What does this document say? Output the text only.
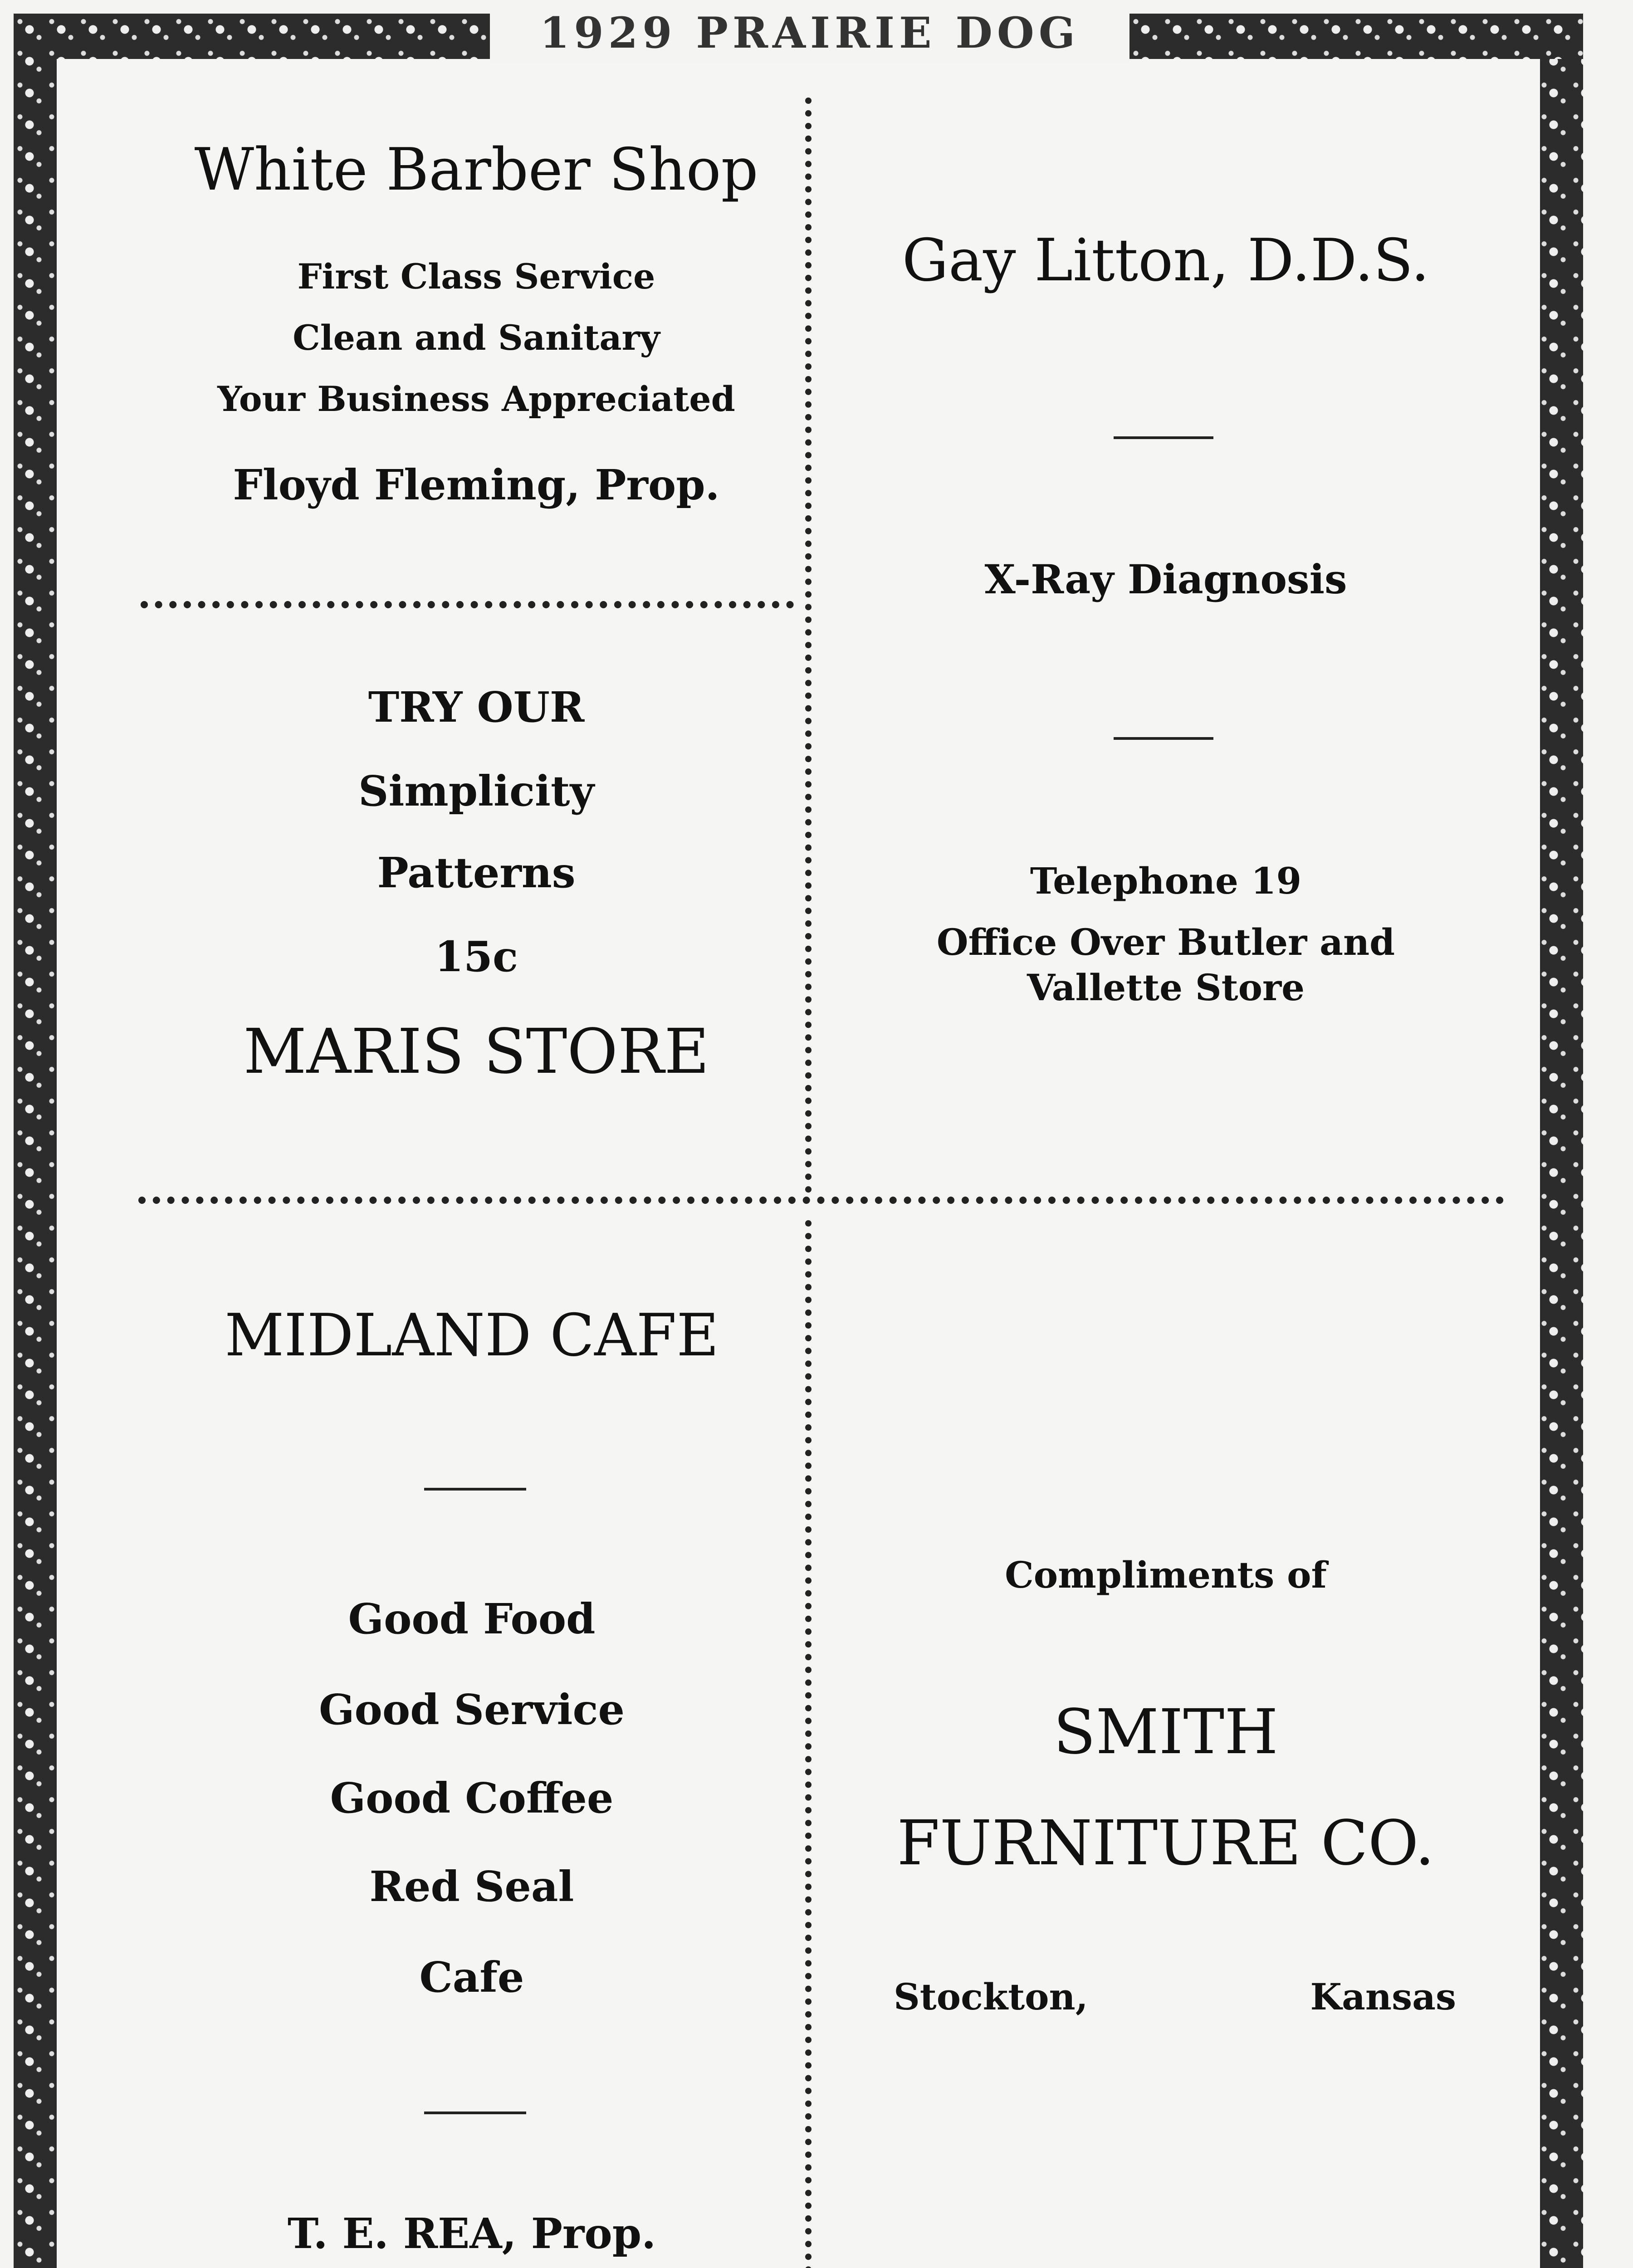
1929 PRAIRIE DOG
White Barber Shop
First Class Service
Clean and Sanitary
Your Business Appreciated
Floyd Fleming, Prop.
TRY OUR
Simplicity
Patterns
15c
MARIS STORE
Gay Litton, D.D.S.
X-Ray Diagnosis
Telephone 19
Office Over Butler and
Vallette Store
MIDLAND CAFE
Good Food
Good Service
Good Coffee
Red Seal
Cafe
T. E. REA, Prop.
Compliments of
SMITH
FURNITURE CO.
Stockton,	Kansas
